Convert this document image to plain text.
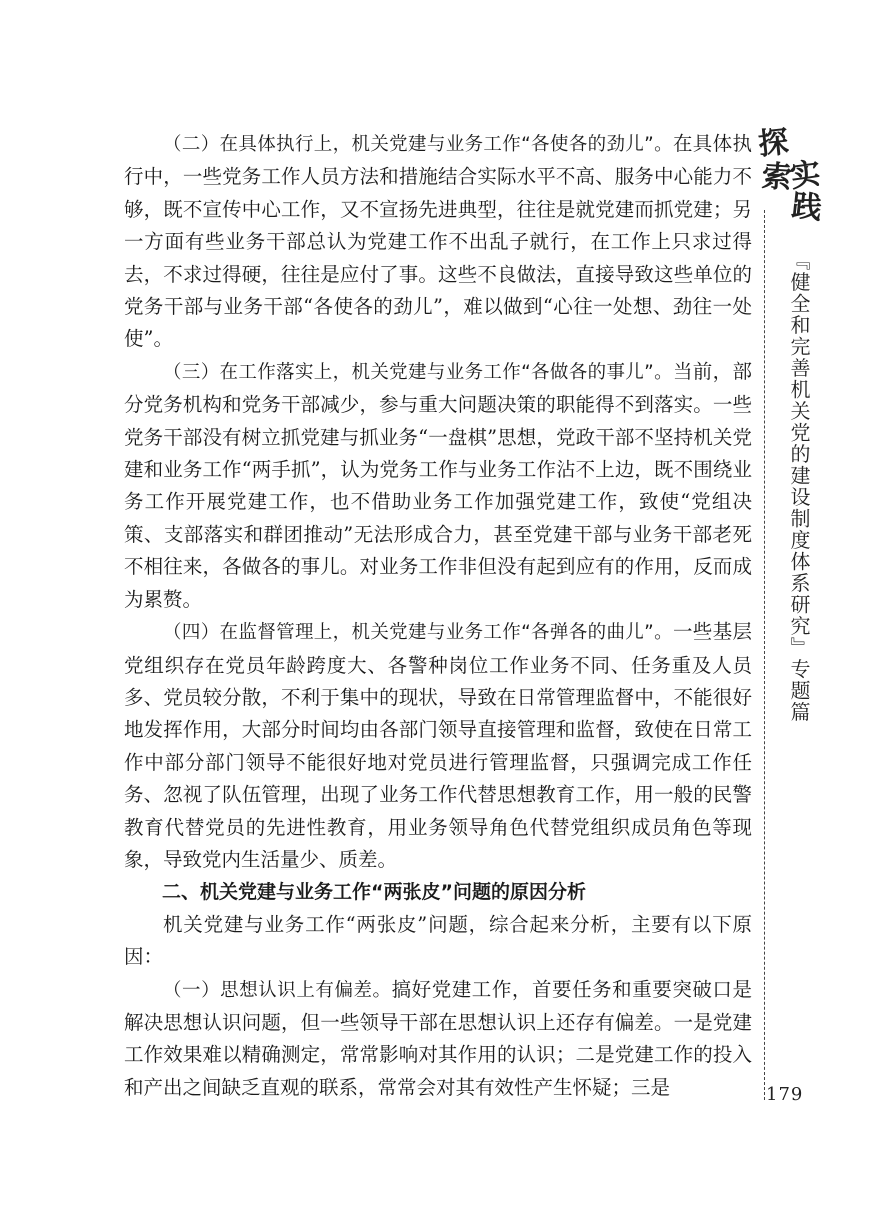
（二）在具体执行上，机关党建与业务工作“各使各的劲儿”。在具体执行中，一些党务工作人员方法和措施结合实际水平不高、服务中心能力不够，既不宣传中心工作，又不宣扬先进典型，往往是就党建而抓党建；另一方面有些业务干部总认为党建工作不出乱子就行，在工作上只求过得去，不求过得硬，往往是应付了事。这些不良做法，直接导致这些单位的党务干部与业务干部“各使各的劲儿”，难以做到“心往一处想、劲往一处使”。

（三）在工作落实上，机关党建与业务工作“各做各的事儿”。当前，部分党务机构和党务干部减少，参与重大问题决策的职能得不到落实。一些党务干部没有树立抓党建与抓业务“一盘棋”思想，党政干部不坚持机关党建和业务工作“两手抓”，认为党务工作与业务工作沾不上边，既不围绕业务工作开展党建工作，也不借助业务工作加强党建工作，致使“党组决策、支部落实和群团推动”无法形成合力，甚至党建干部与业务干部老死不相往来，各做各的事儿。对业务工作非但没有起到应有的作用，反而成为累赘。

（四）在监督管理上，机关党建与业务工作“各弹各的曲儿”。一些基层党组织存在党员年龄跨度大、各警种岗位工作业务不同、任务重及人员多、党员较分散，不利于集中的现状，导致在日常管理监督中，不能很好地发挥作用，大部分时间均由各部门领导直接管理和监督，致使在日常工作中部分部门领导不能很好地对党员进行管理监督，只强调完成工作任务、忽视了队伍管理，出现了业务工作代替思想教育工作，用一般的民警教育代替党员的先进性教育，用业务领导角色代替党组织成员角色等现象，导致党内生活量少、质差。

二、机关党建与业务工作“两张皮”问题的原因分析

机关党建与业务工作“两张皮”问题，综合起来分析，主要有以下原因：

（一）思想认识上有偏差。搞好党建工作，首要任务和重要突破口是解决思想认识问题，但一些领导干部在思想认识上还存有偏差。一是党建工作效果难以精确测定，常常影响对其作用的认识；二是党建工作的投入和产出之间缺乏直观的联系，常常会对其有效性产生怀疑；三是

探
索
实
践
『健全和完善机关党的建设制度体系研究』专题篇
179
